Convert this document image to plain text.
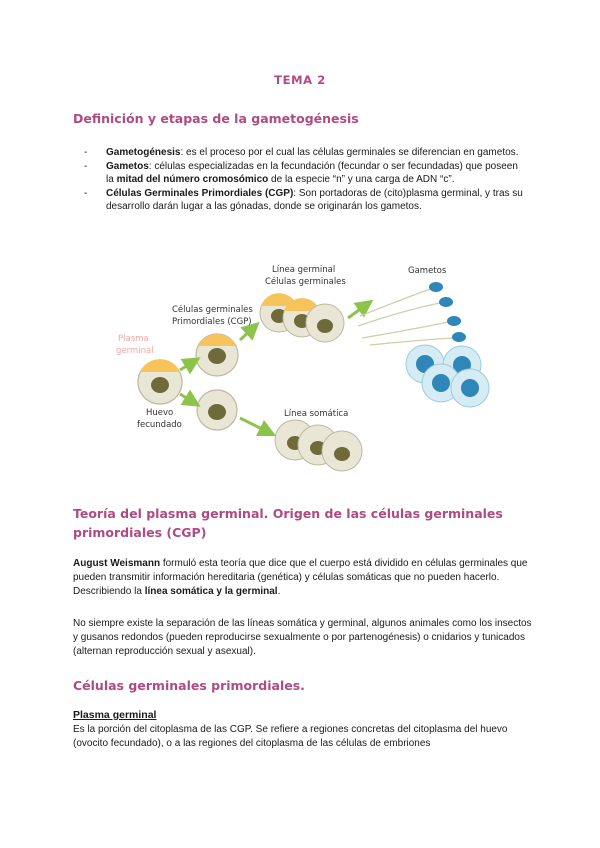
TEMA 2
Definición y etapas de la gametogénesis

- Gametogénesis: es el proceso por el cual las células germinales se diferencian en gametos.

- Gametos: células especializadas en la fecundación (fecundar o ser fecundadas) que poseen la mitad del número cromosómico de la especie “n” y una carga de ADN “c”.

- Células Germinales Primordiales (CGP): Son portadoras de (cito)plasma germinal, y tras su desarrollo darán lugar a las gónadas, donde se originarán los gametos.

Línea germinal
Células germinales
Gametos
Células germinales
Primordiales (CGP)
Plasma
germinal
Huevo
fecundado
Línea somática
Teoría del plasma germinal. Origen de las células germinales
primordiales (CGP)

August Weismann formuló esta teoría que dice que el cuerpo está dividido en células germinales que pueden transmitir información hereditaria (genética) y células somáticas que no pueden hacerlo. Describiendo la línea somática y la germinal.

No siempre existe la separación de las líneas somática y germinal, algunos animales como los insectos y gusanos redondos (pueden reproducirse sexualmente o por partenogénesis) o cnidarios y tunicados (alternan reproducción sexual y asexual).

Células germinales primordiales.
Plasma germinal

Es la porción del citoplasma de las CGP. Se refiere a regiones concretas del citoplasma del huevo (ovocito fecundado), o a las regiones del citoplasma de las células de embriones
